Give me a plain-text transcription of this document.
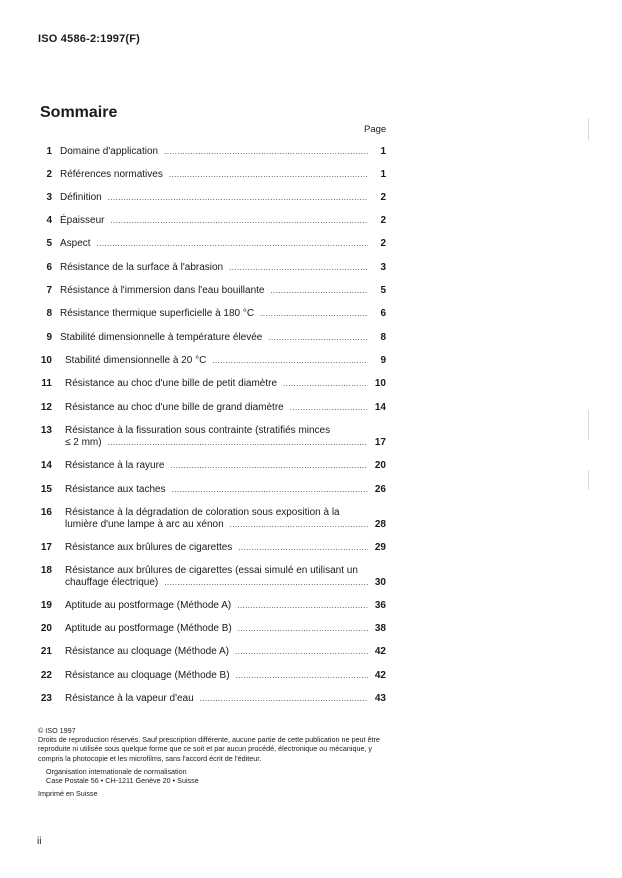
ISO 4586-2:1997(F)
Sommaire
Page
1 Domaine d'application .....	1
2 Références normatives .....	1
3 Définition .....	2
4 Épaisseur .....	2
5 Aspect .....	2
6 Résistance de la surface à l'abrasion .....	3
7 Résistance à l'immersion dans l'eau bouillante .....	5
8 Résistance thermique superficielle à 180 °C .....	6
9 Stabilité dimensionnelle à température élevée .....	8
10 Stabilité dimensionnelle à 20 °C .....	9
11 Résistance au choc d'une bille de petit diamètre .....	10
12 Résistance au choc d'une bille de grand diamètre .....	14
13 Résistance à la fissuration sous contrainte (stratifiés minces
≤ 2 mm) .....	17
14 Résistance à la rayure .....	20
15 Résistance aux taches .....	26
16 Résistance à la dégradation de coloration sous exposition à la
lumière d'une lampe à arc au xénon .....	28
17 Résistance aux brûlures de cigarettes .....	29
18 Résistance aux brûlures de cigarettes (essai simulé en utilisant un
chauffage électrique) .....	30
19 Aptitude au postformage (Méthode A) .....	36
20 Aptitude au postformage (Méthode B) .....	38
21 Résistance au cloquage (Méthode A) .....	42
22 Résistance au cloquage (Méthode B) .....	42
23 Résistance à la vapeur d'eau .....	43

© ISO 1997

Droits de reproduction réservés. Sauf prescription différente, aucune partie de cette publication ne peut être reproduite ni utilisée sous quelque forme que ce soit et par aucun procédé, électronique ou mécanique, y compris la photocopie et les microfilms, sans l'accord écrit de l'éditeur.

Organisation internationale de normalisation

Case Postale 56 • CH-1211 Genève 20 • Suisse

Imprimé en Suisse

ii
